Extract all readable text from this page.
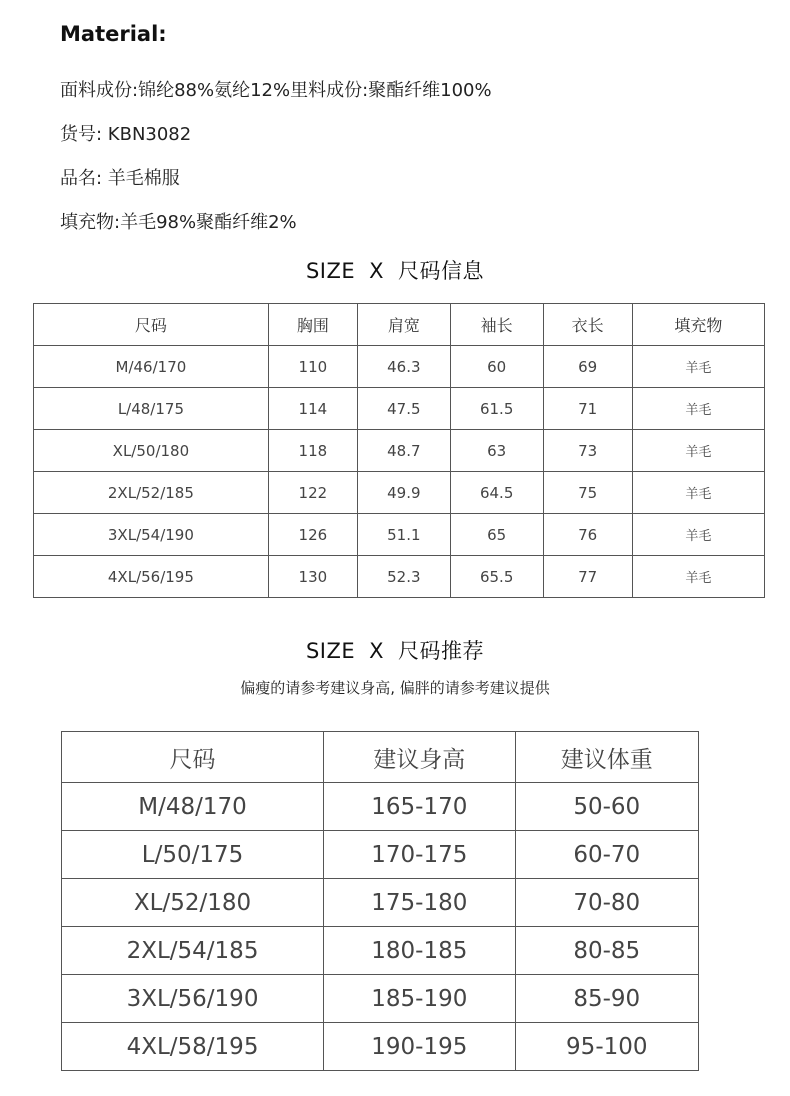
Material:
面料成份:锦纶88%氨纶12%里料成份:聚酯纤维100%
货号: KBN3082
品名: 羊毛棉服
填充物:羊毛98%聚酯纤维2%
SIZE X 尺码信息
尺码	胸围	肩宽	袖长	衣长	填充物
M/46/170	110	46.3	60	69	羊毛
L/48/175	114	47.5	61.5	71	羊毛
XL/50/180	118	48.7	63	73	羊毛
2XL/52/185	122	49.9	64.5	75	羊毛
3XL/54/190	126	51.1	65	76	羊毛
4XL/56/195	130	52.3	65.5	77	羊毛
SIZE X 尺码推荐
偏瘦的请参考建议身高, 偏胖的请参考建议提供
尺码	建议身高	建议体重
M/48/170	165-170	50-60
L/50/175	170-175	60-70
XL/52/180	175-180	70-80
2XL/54/185	180-185	80-85
3XL/56/190	185-190	85-90
4XL/58/195	190-195	95-100
